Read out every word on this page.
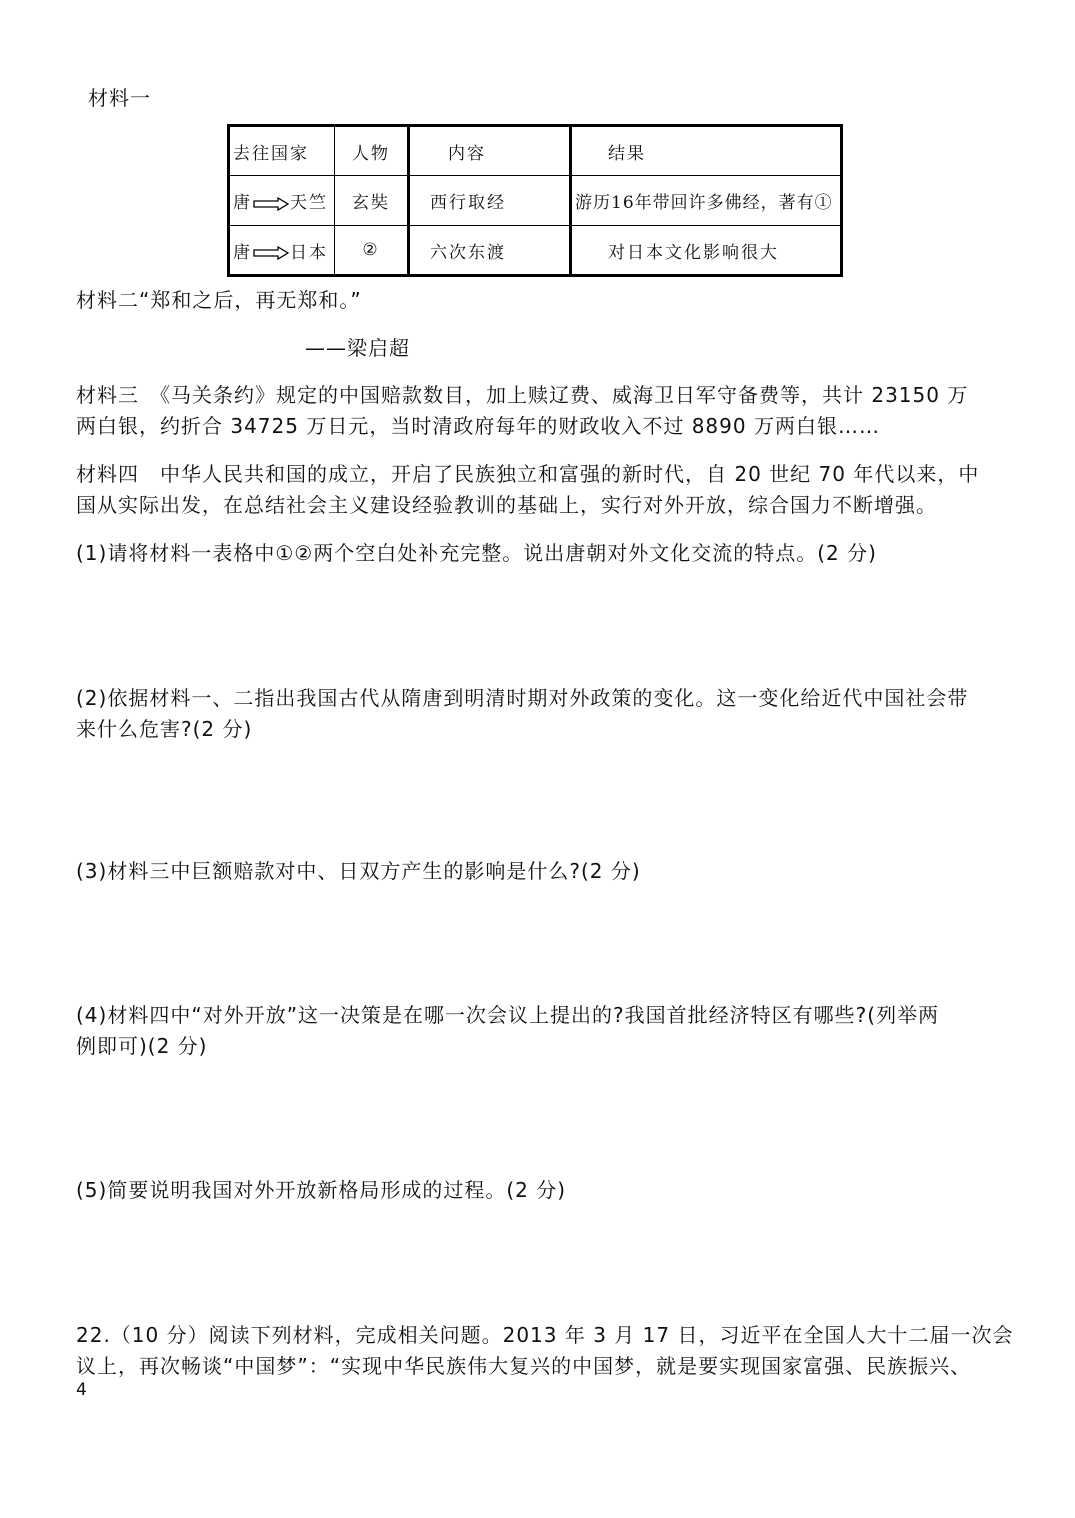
材料一
去往国家	人物	内容	结果
唐 天竺	玄奘	西行取经	游历16年带回许多佛经，著有①
唐 日本	②	六次东渡	对日本文化影响很大
材料二“郑和之后，再无郑和。”
——梁启超
材料三　《马关条约》规定的中国赔款数目，加上赎辽费、威海卫日军守备费等，共计 23150 万
两白银，约折合 34725 万日元，当时清政府每年的财政收入不过 8890 万两白银……
材料四　中华人民共和国的成立，开启了民族独立和富强的新时代，自 20 世纪 70 年代以来，中
国从实际出发，在总结社会主义建设经验教训的基础上，实行对外开放，综合国力不断增强。
(1)请将材料一表格中①②两个空白处补充完整。说出唐朝对外文化交流的特点。(2 分)
(2)依据材料一、二指出我国古代从隋唐到明清时期对外政策的变化。这一变化给近代中国社会带
来什么危害?(2 分)
(3)材料三中巨额赔款对中、日双方产生的影响是什么?(2 分)
(4)材料四中“对外开放”这一决策是在哪一次会议上提出的?我国首批经济特区有哪些?(列举两
例即可)(2 分)
(5)简要说明我国对外开放新格局形成的过程。(2 分)
22.（10 分）阅读下列材料，完成相关问题。2013 年 3 月 17 日，习近平在全国人大十二届一次会
议上，再次畅谈“中国梦”：“实现中华民族伟大复兴的中国梦，就是要实现国家富强、民族振兴、
4
